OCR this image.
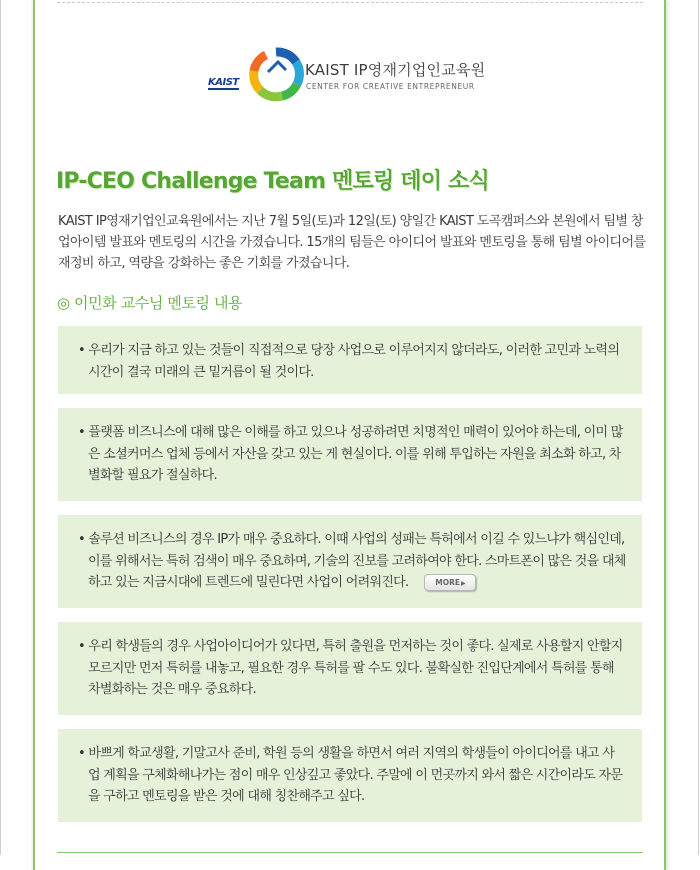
KAIST
KAIST IP영재기업인교육원
CENTER FOR CREATIVE ENTREPRENEUR
IP-CEO Challenge Team 멘토링 데이 소식
KAIST IP영재기업인교육원에서는 지난 7월 5일(토)과 12일(토) 양일간 KAIST 도곡캠퍼스와 본원에서 팀별 창업아이템 발표와 멘토링의 시간을 가졌습니다. 15개의 팀들은 아이디어 발표와 멘토링을 통해 팀별 아이디어를 재정비 하고, 역량을 강화하는 좋은 기회를 가졌습니다.
◎ 이민화 교수님 멘토링 내용

• 우리가 지금 하고 있는 것들이 직접적으로 당장 사업으로 이루어지지 않더라도, 이러한 고민과 노력의 시간이 결국 미래의 큰 밑거름이 될 것이다.

• 플랫폼 비즈니스에 대해 많은 이해를 하고 있으나 성공하려면 치명적인 매력이 있어야 하는데, 이미 많은 소셜커머스 업체 등에서 자산을 갖고 있는 게 현실이다. 이를 위해 투입하는 자원을 최소화 하고, 차별화할 필요가 절실하다.

• 솔루션 비즈니스의 경우 IP가 매우 중요하다. 이때 사업의 성패는 특허에서 이길 수 있느냐가 핵심인데, 이를 위해서는 특허 검색이 매우 중요하며, 기술의 진보를 고려하여야 한다. 스마트폰이 많은 것을 대체하고 있는 지금시대에 트렌드에 밀린다면 사업이 어려워진다.	MORE▶

• 우리 학생들의 경우 사업아이디어가 있다면, 특허 출원을 먼저하는 것이 좋다. 실제로 사용할지 안할지 모르지만 먼저 특허를 내놓고, 필요한 경우 특허를 팔 수도 있다. 불확실한 진입단계에서 특허를 통해 차별화하는 것은 매우 중요하다.

• 바쁘게 학교생활, 기말고사 준비, 학원 등의 생활을 하면서 여러 지역의 학생들이 아이디어를 내고 사업 계획을 구체화해나가는 점이 매우 인상깊고 좋았다. 주말에 이 먼곳까지 와서 짧은 시간이라도 자문을 구하고 멘토링을 받은 것에 대해 칭찬해주고 싶다.
